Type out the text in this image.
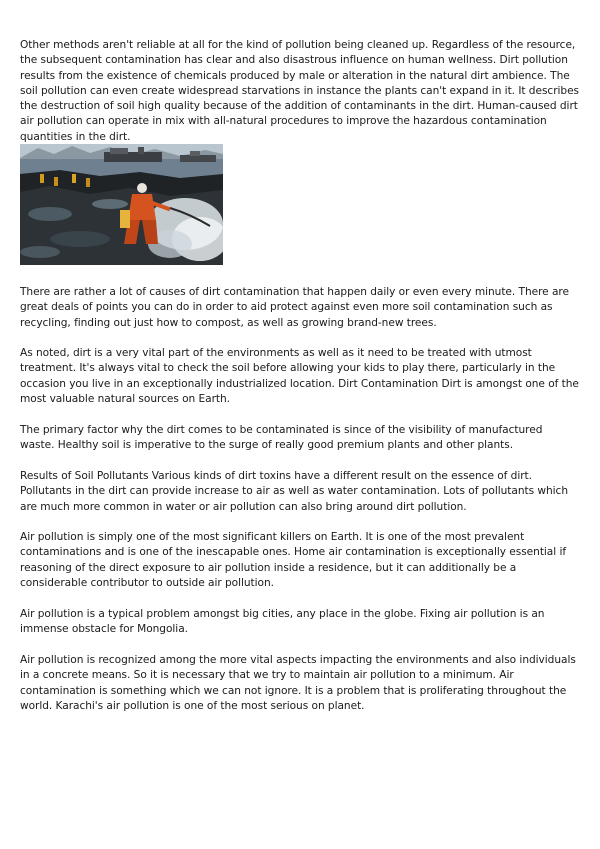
Other methods aren't reliable at all for the kind of pollution being cleaned up. Regardless of the resource, the subsequent contamination has clear and also disastrous influence on human wellness. Dirt pollution results from the existence of chemicals produced by male or alteration in the natural dirt ambience. The soil pollution can even create widespread starvations in instance the plants can't expand in it. It describes the destruction of soil high quality because of the addition of contaminants in the dirt. Human-caused dirt air pollution can operate in mix with all-natural procedures to improve the hazardous contamination quantities in the dirt.

There are rather a lot of causes of dirt contamination that happen daily or even every minute. There are great deals of points you can do in order to aid protect against even more soil contamination such as recycling, finding out just how to compost, as well as growing brand-new trees.

As noted, dirt is a very vital part of the environments as well as it need to be treated with utmost treatment. It's always vital to check the soil before allowing your kids to play there, particularly in the occasion you live in an exceptionally industrialized location. Dirt Contamination Dirt is amongst one of the most valuable natural sources on Earth.

The primary factor why the dirt comes to be contaminated is since of the visibility of manufactured waste. Healthy soil is imperative to the surge of really good premium plants and other plants.

Results of Soil Pollutants Various kinds of dirt toxins have a different result on the essence of dirt. Pollutants in the dirt can provide increase to air as well as water contamination. Lots of pollutants which are much more common in water or air pollution can also bring around dirt pollution.

Air pollution is simply one of the most significant killers on Earth. It is one of the most prevalent contaminations and is one of the inescapable ones. Home air contamination is exceptionally essential if reasoning of the direct exposure to air pollution inside a residence, but it can additionally be a considerable contributor to outside air pollution.

Air pollution is a typical problem amongst big cities, any place in the globe. Fixing air pollution is an immense obstacle for Mongolia.

Air pollution is recognized among the more vital aspects impacting the environments and also individuals in a concrete means. So it is necessary that we try to maintain air pollution to a minimum. Air contamination is something which we can not ignore. It is a problem that is proliferating throughout the world. Karachi's air pollution is one of the most serious on planet.
